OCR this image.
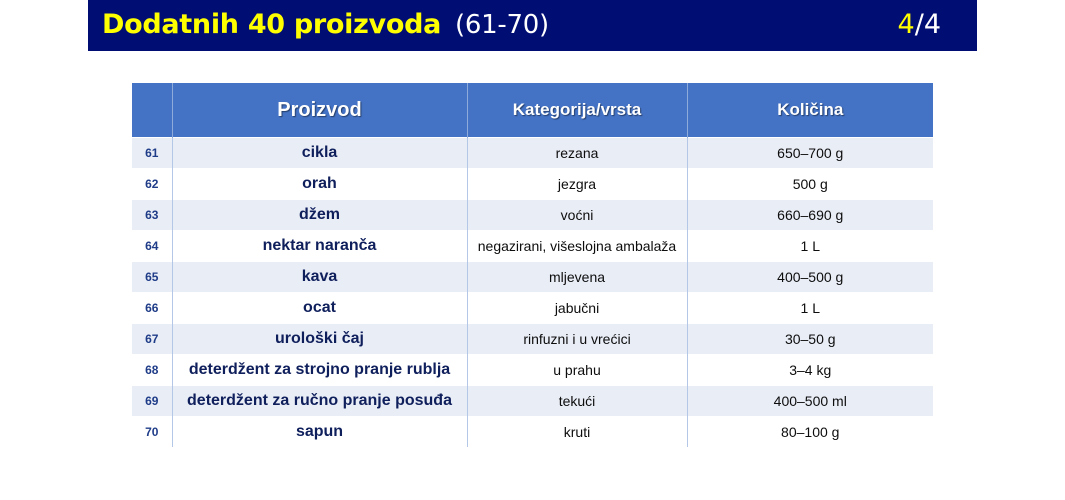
Dodatnih 40 proizvoda (61-70)	4/4
	Proizvod	Kategorija/vrsta	Količina
61	cikla	rezana	650–700 g
62	orah	jezgra	500 g
63	džem	voćni	660–690 g
64	nektar naranča	negazirani, višeslojna ambalaža	1 L
65	kava	mljevena	400–500 g
66	ocat	jabučni	1 L
67	urološki čaj	rinfuzni i u vrećici	30–50 g
68	deterdžent za strojno pranje rublja	u prahu	3–4 kg
69	deterdžent za ručno pranje posuđa	tekući	400–500 ml
70	sapun	kruti	80–100 g
